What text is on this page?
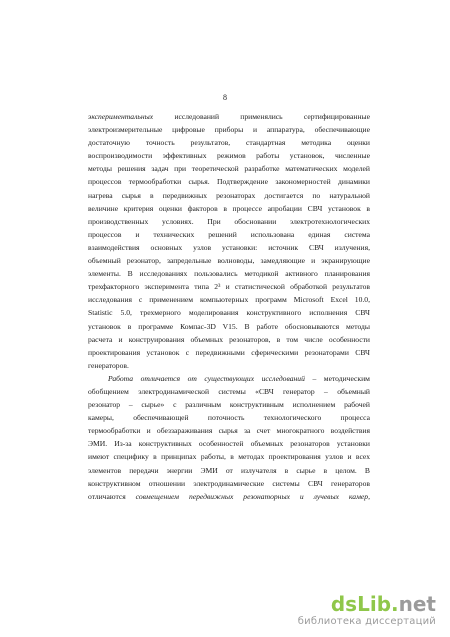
8
экспериментальных исследований применялись сертифицированные
электроизмерительные цифровые приборы и аппаратура, обеспечивающие
достаточную точность результатов, стандартная методика оценки
воспроизводимости эффективных режимов работы установок, численные
методы решения задач при теоретической разработке математических моделей
процессов термообработки сырья. Подтверждение закономерностей динамики
нагрева сырья в передвижных резонаторах достигается по натуральной
величине критерия оценки факторов в процессе апробации СВЧ установок в
производственных условиях. При обосновании электротехнологических
процессов и технических решений использована единая система
взаимодействия основных узлов установки: источник СВЧ излучения,
объемный резонатор, запредельные волноводы, замедляющие и экранирующие
элементы. В исследованиях пользовались методикой активного планирования
трехфакторного эксперимента типа 2³ и статистической обработкой результатов
исследования с применением компьютерных программ Microsoft Excel 10.0,
Statistic 5.0, трехмерного моделирования конструктивного исполнения СВЧ
установок в программе Компас-3D V15. В работе обосновываются методы
расчета и конструирования объемных резонаторов, в том числе особенности
проектирования установок с передвижными сферическими резонаторами СВЧ
генераторов.
Работа отличается от существующих исследований – методическим
обобщением электродинамической системы «СВЧ генератор – объемный
резонатор – сырье» с различным конструктивным исполнением рабочей
камеры, обеспечивающей поточность технологического процесса
термообработки и обеззараживания сырья за счет многократного воздействия
ЭМИ. Из-за конструктивных особенностей объемных резонаторов установки
имеют специфику в принципах работы, в методах проектирования узлов и всех
элементов передачи энергии ЭМИ от излучателя в сырье в целом. В
конструктивном отношении электродинамические системы СВЧ генераторов
отличаются совмещением передвижных резонаторных и лучевых камер,
ds Lib . net
библиотека диссертаций
